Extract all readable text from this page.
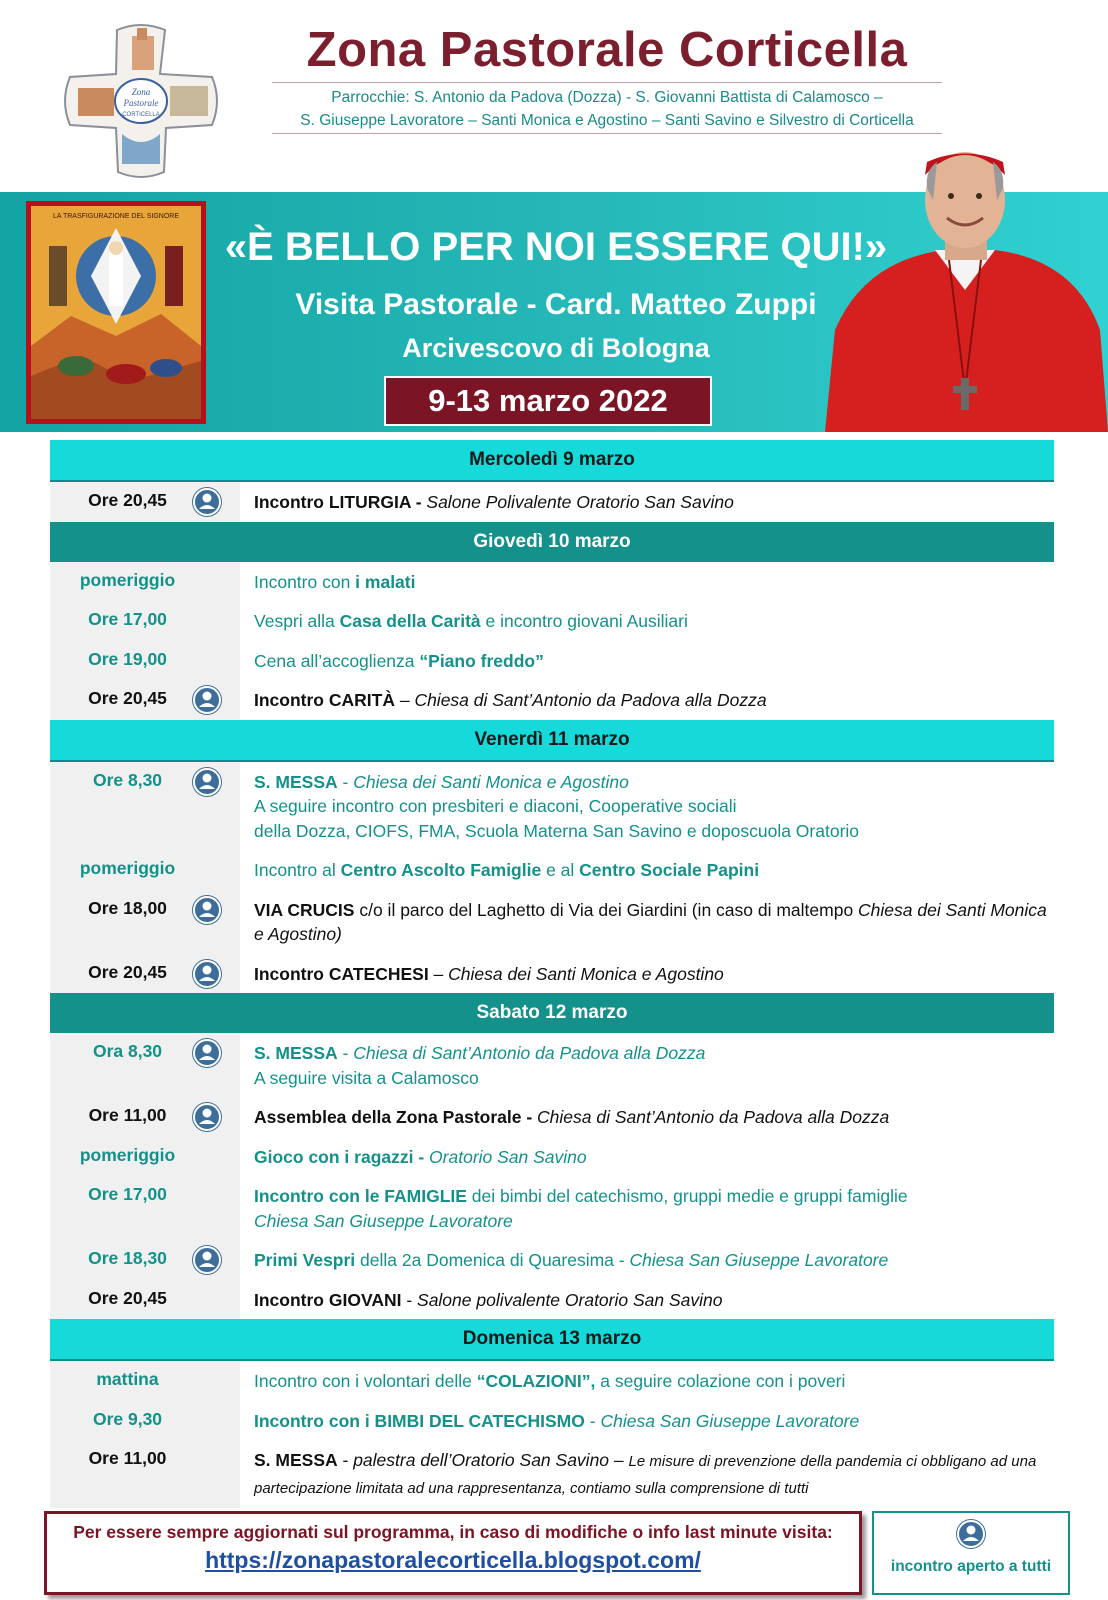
Zona
Pastorale
CORTICELLA
Zona Pastorale Corticella
Parrocchie: S. Antonio da Padova (Dozza) - S. Giovanni Battista di Calamosco –
S. Giuseppe Lavoratore – Santi Monica e Agostino – Santi Savino e Silvestro di Corticella
LA TRASFIGURAZIONE DEL SIGNORE
«È BELLO PER NOI ESSERE QUI!»
Visita Pastorale - Card. Matteo Zuppi
Arcivescovo di Bologna
9-13 marzo 2022
Mercoledì 9 marzo
Ore 20,45	Incontro LITURGIA - Salone Polivalente Oratorio San Savino
Giovedì 10 marzo
pomeriggio	Incontro con i malati
Ore 17,00	Vespri alla Casa della Carità e incontro giovani Ausiliari
Ore 19,00	Cena all’accoglienza “Piano freddo”
Ore 20,45	Incontro CARITÀ – Chiesa di Sant’Antonio da Padova alla Dozza
Venerdì 11 marzo
Ore 8,30	S. MESSA - Chiesa dei Santi Monica e Agostino
A seguire incontro con presbiteri e diaconi, Cooperative sociali
della Dozza, CIOFS, FMA, Scuola Materna San Savino e doposcuola Oratorio
pomeriggio	Incontro al Centro Ascolto Famiglie e al Centro Sociale Papini
Ore 18,00	VIA CRUCIS c/o il parco del Laghetto di Via dei Giardini (in caso di maltempo Chiesa dei Santi Monica e Agostino)
Ore 20,45	Incontro CATECHESI – Chiesa dei Santi Monica e Agostino
Sabato 12 marzo
Ora 8,30	S. MESSA - Chiesa di Sant’Antonio da Padova alla Dozza
A seguire visita a Calamosco
Ore 11,00	Assemblea della Zona Pastorale - Chiesa di Sant’Antonio da Padova alla Dozza
pomeriggio	Gioco con i ragazzi - Oratorio San Savino
Ore 17,00	Incontro con le FAMIGLIE dei bimbi del catechismo, gruppi medie e gruppi famiglie
Chiesa San Giuseppe Lavoratore
Ore 18,30	Primi Vespri della 2a Domenica di Quaresima - Chiesa San Giuseppe Lavoratore
Ore 20,45	Incontro GIOVANI - Salone polivalente Oratorio San Savino
Domenica 13 marzo
mattina	Incontro con i volontari delle “COLAZIONI”, a seguire colazione con i poveri
Ore 9,30	Incontro con i BIMBI DEL CATECHISMO - Chiesa San Giuseppe Lavoratore
Ore 11,00	S. MESSA - palestra dell’Oratorio San Savino – Le misure di prevenzione della pandemia ci obbligano ad una partecipazione limitata ad una rappresentanza, contiamo sulla comprensione di tutti
Per essere sempre aggiornati sul programma, in caso di modifiche o info last minute visita:
https://zonapastoralecorticella.blogspot.com/	incontro aperto a tutti
